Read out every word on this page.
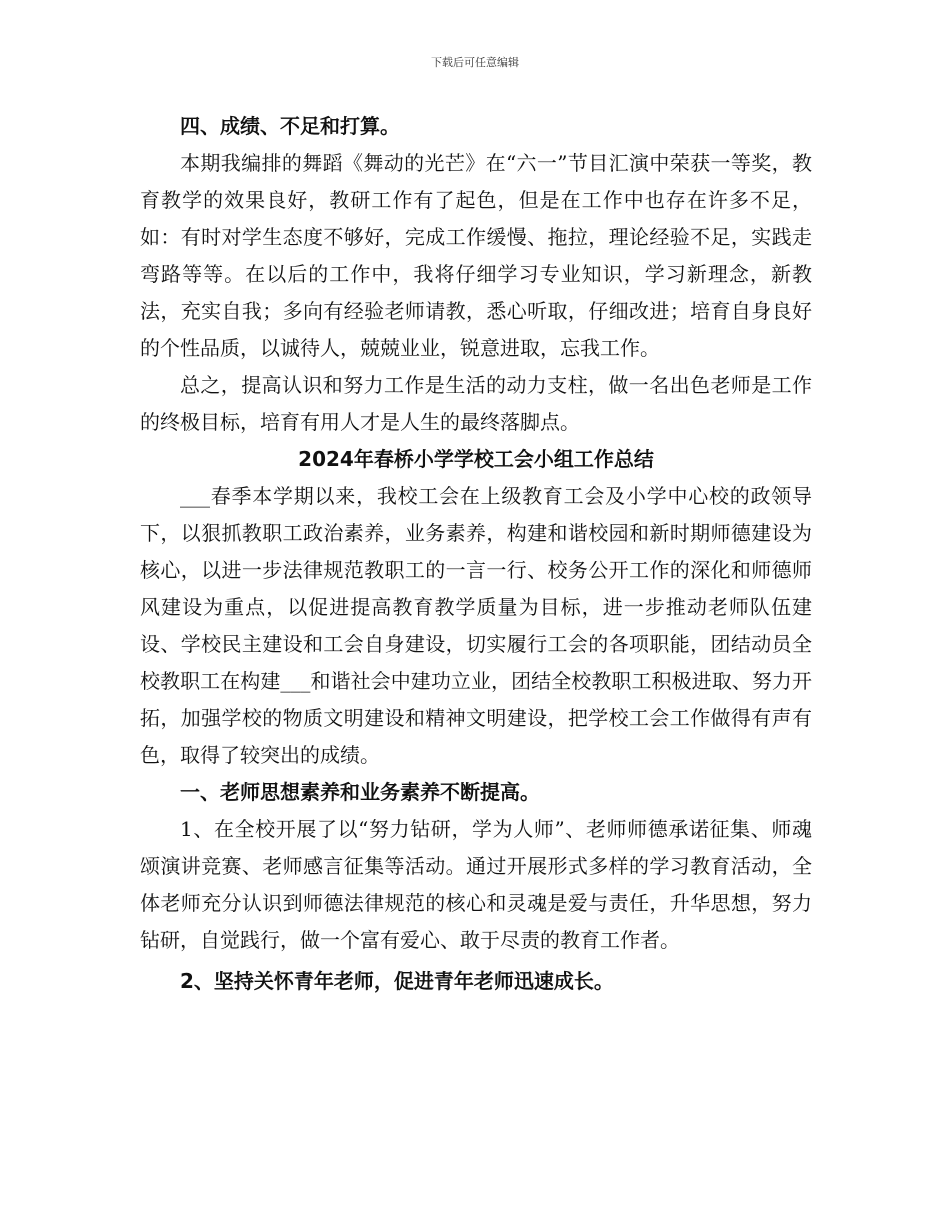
下载后可任意编辑

四、成绩、不足和打算。

本期我编排的舞蹈《舞动的光芒》在“六一”节目汇演中荣获一等奖，教育教学的效果良好，教研工作有了起色，但是在工作中也存在许多不足，如：有时对学生态度不够好，完成工作缓慢、拖拉，理论经验不足，实践走弯路等等。在以后的工作中，我将仔细学习专业知识，学习新理念，新教法，充实自我；多向有经验老师请教，悉心听取，仔细改进；培育自身良好的个性品质，以诚待人，兢兢业业，锐意进取，忘我工作。

总之，提高认识和努力工作是生活的动力支柱，做一名出色老师是工作的终极目标，培育有用人才是人生的最终落脚点。

2024年春桥小学学校工会小组工作总结

___春季本学期以来，我校工会在上级教育工会及小学中心校的政领导下，以狠抓教职工政治素养，业务素养，构建和谐校园和新时期师德建设为核心，以进一步法律规范教职工的一言一行、校务公开工作的深化和师德师风建设为重点，以促进提高教育教学质量为目标，进一步推动老师队伍建设、学校民主建设和工会自身建设，切实履行工会的各项职能，团结动员全校教职工在构建___和谐社会中建功立业，团结全校教职工积极进取、努力开拓，加强学校的物质文明建设和精神文明建设，把学校工会工作做得有声有色，取得了较突出的成绩。

一、老师思想素养和业务素养不断提高。

1、在全校开展了以“努力钻研，学为人师”、老师师德承诺征集、师魂颂演讲竞赛、老师感言征集等活动。通过开展形式多样的学习教育活动，全体老师充分认识到师德法律规范的核心和灵魂是爱与责任，升华思想，努力钻研，自觉践行，做一个富有爱心、敢于尽责的教育工作者。

2、坚持关怀青年老师，促进青年老师迅速成长。
